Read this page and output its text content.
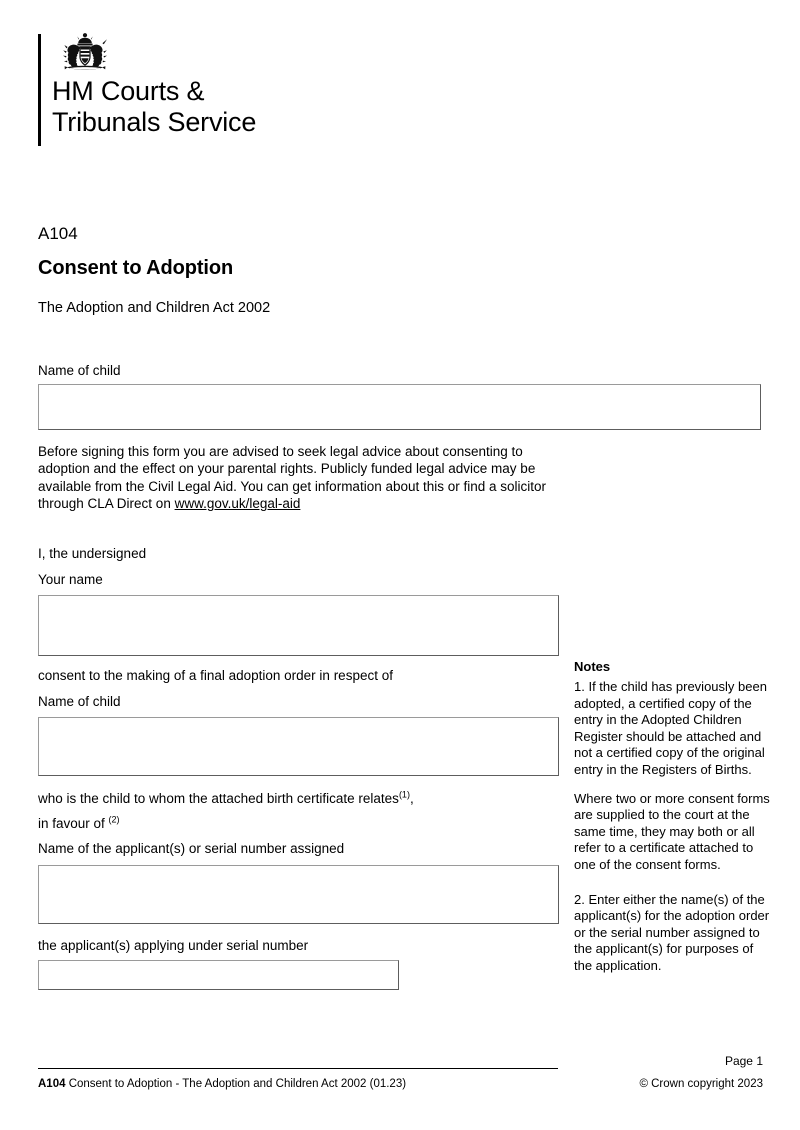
HM Courts &
Tribunals Service
A104
Consent to Adoption
The Adoption and Children Act 2002
Name of child
Before signing this form you are advised to seek legal advice about consenting to adoption and the effect on your parental rights. Publicly funded legal advice may be available from the Civil Legal Aid. You can get information about this or find a solicitor through CLA Direct on www.gov.uk/legal-aid
I, the undersigned
Your name
consent to the making of a final adoption order in respect of
Name of child
who is the child to whom the attached birth certificate relates$^{(1)}$,
in favour of $^{(2)}$
Name of the applicant(s) or serial number assigned
the applicant(s) applying under serial number
Notes

1. If the child has previously been adopted, a certified copy of the entry in the Adopted Children Register should be attached and not a certified copy of the original entry in the Registers of Births.

Where two or more consent forms are supplied to the court at the same time, they may both or all refer to a certificate attached to one of the consent forms.

2. Enter either the name(s) of the applicant(s) for the adoption order or the serial number assigned to the applicant(s) for purposes of the application.

Page 1
A104 Consent to Adoption - The Adoption and Children Act 2002 (01.23)	© Crown copyright 2023
